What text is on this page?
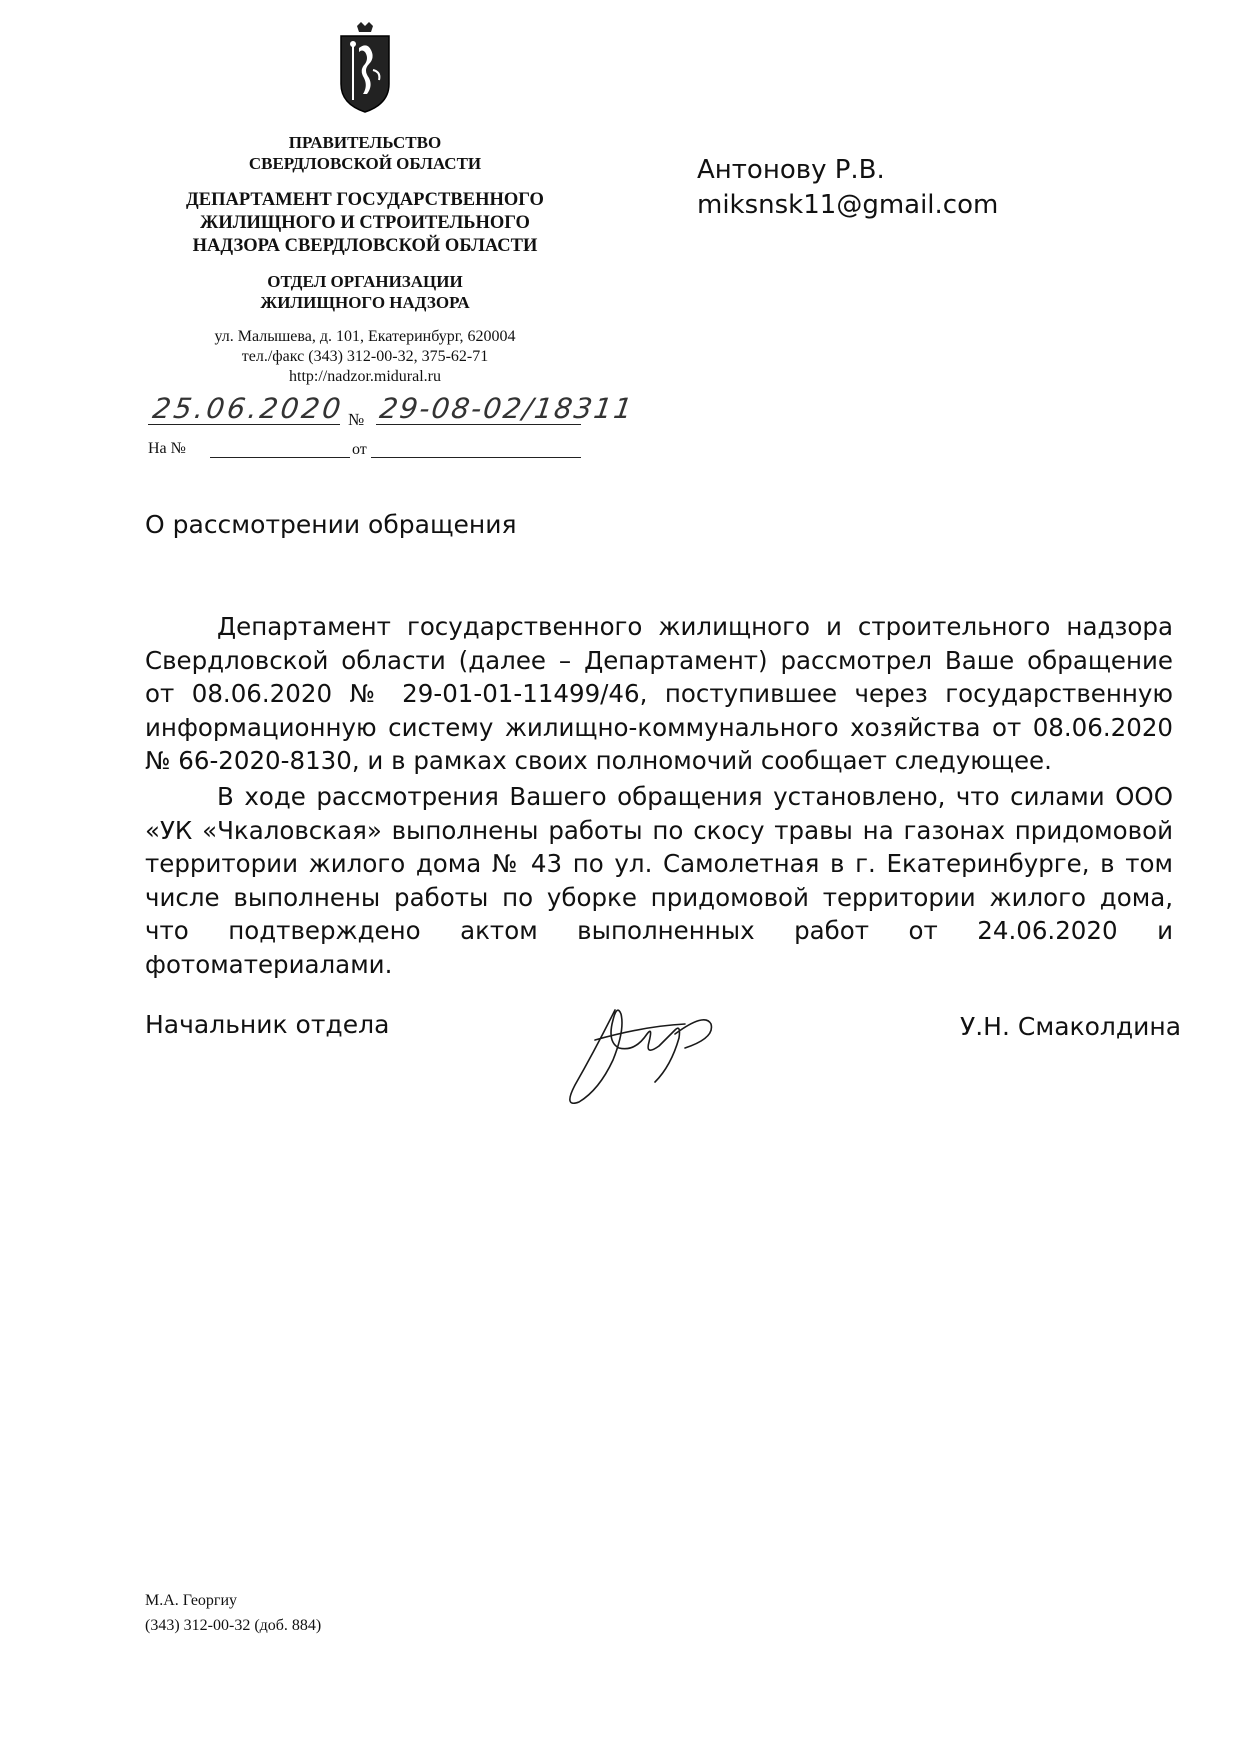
ПРАВИТЕЛЬСТВО
СВЕРДЛОВСКОЙ ОБЛАСТИ
ДЕПАРТАМЕНТ ГОСУДАРСТВЕННОГО
ЖИЛИЩНОГО И СТРОИТЕЛЬНОГО
НАДЗОРА СВЕРДЛОВСКОЙ ОБЛАСТИ
ОТДЕЛ ОРГАНИЗАЦИИ
ЖИЛИЩНОГО НАДЗОРА
ул. Малышева, д. 101, Екатеринбург, 620004
тел./факс (343) 312-00-32, 375-62-71
http://nadzor.midural.ru
25.06.2020 № 29-08-02/18311
На №	от
Антонову Р.В.
miksnsk11@gmail.com
О рассмотрении обращения
Департамент государственного жилищного и строительного надзора Свердловской области (далее – Департамент) рассмотрел Ваше обращение от 08.06.2020 № 29-01-01-11499/46, поступившее через государственную информационную систему жилищно-коммунального хозяйства от 08.06.2020 № 66-2020-8130, и в рамках своих полномочий сообщает следующее.
В ходе рассмотрения Вашего обращения установлено, что силами ООО «УК «Чкаловская» выполнены работы по скосу травы на газонах придомовой территории жилого дома № 43 по ул. Самолетная в г. Екатеринбурге, в том числе выполнены работы по уборке придомовой территории жилого дома, что подтверждено актом выполненных работ от 24.06.2020 и фотоматериалами.
Начальник отдела	У.Н. Смаколдина
М.А. Георгиу
(343) 312-00-32 (доб. 884)
